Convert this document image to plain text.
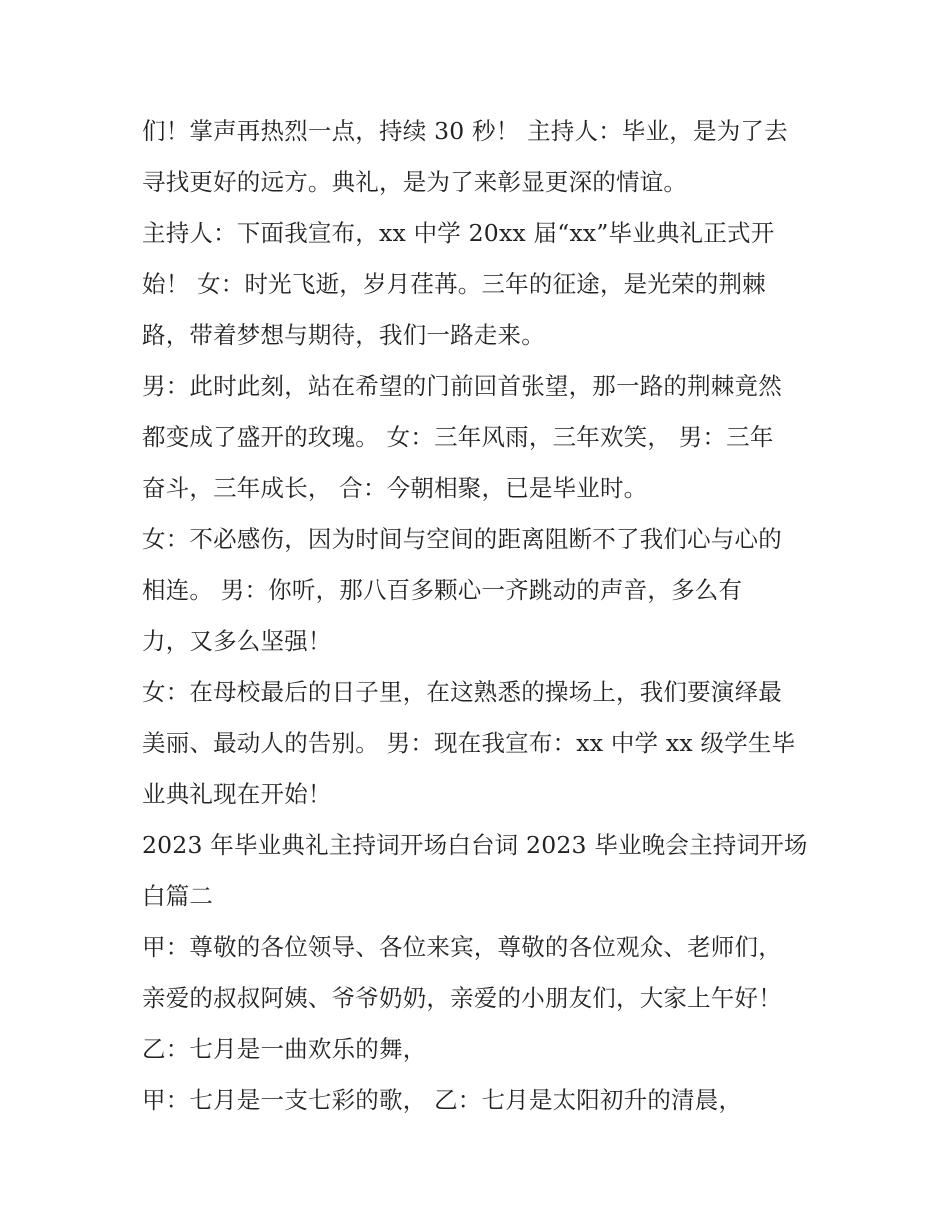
们！掌声再热烈一点，持续 30 秒！ 主持人：毕业，是为了去
寻找更好的远方。典礼，是为了来彰显更深的情谊。
主持人：下面我宣布，xx 中学 20xx 届“xx”毕业典礼正式开
始！ 女：时光飞逝，岁月荏苒。三年的征途，是光荣的荆棘
路，带着梦想与期待，我们一路走来。
男：此时此刻，站在希望的门前回首张望，那一路的荆棘竟然
都变成了盛开的玫瑰。 女：三年风雨，三年欢笑， 男：三年
奋斗，三年成长， 合：今朝相聚，已是毕业时。
女：不必感伤，因为时间与空间的距离阻断不了我们心与心的
相连。 男：你听，那八百多颗心一齐跳动的声音，多么有
力，又多么坚强！
女：在母校最后的日子里，在这熟悉的操场上，我们要演绎最
美丽、最动人的告别。 男：现在我宣布：xx 中学 xx 级学生毕
业典礼现在开始！
2023 年毕业典礼主持词开场白台词 2023 毕业晚会主持词开场
白篇二
甲：尊敬的各位领导、各位来宾，尊敬的各位观众、老师们，
亲爱的叔叔阿姨、爷爷奶奶，亲爱的小朋友们，大家上午好！
乙：七月是一曲欢乐的舞，
甲：七月是一支七彩的歌， 乙：七月是太阳初升的清晨，
